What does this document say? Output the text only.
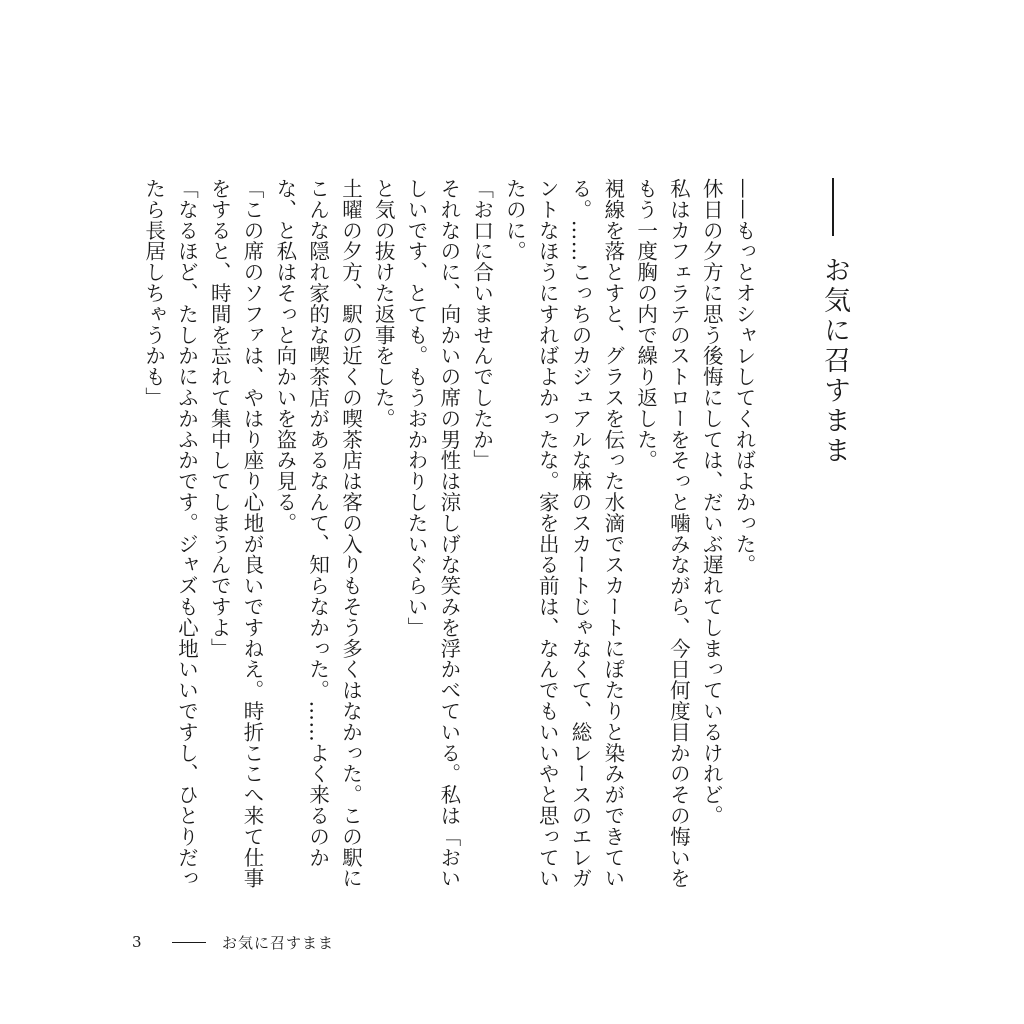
お気に召すまま

——もっとオシャレしてくればよかった。

休日の夕方に思う後悔にしては、だいぶ遅れてしまっているけれど。

私はカフェラテのストローをそっと噛みながら、今日何度目かのその悔いをもう一度胸の内で繰り返した。

視線を落とすと、グラスを伝った水滴でスカートにぽたりと染みができている。……こっちのカジュアルな麻のスカートじゃなくて、総レースのエレガントなほうにすればよかったな。家を出る前は、なんでもいいやと思っていたのに。

「お口に合いませんでしたか」

それなのに、向かいの席の男性は涼しげな笑みを浮かべている。私は「おいしいです、とても。もうおかわりしたいぐらい」

と気の抜けた返事をした。

土曜の夕方、駅の近くの喫茶店は客の入りもそう多くはなかった。この駅にこんな隠れ家的な喫茶店があるなんて、知らなかった。……よく来るのかな、と私はそっと向かいを盗み見る。

「この席のソファは、やはり座り心地が良いですねえ。時折ここへ来て仕事をすると、時間を忘れて集中してしまうんですよ」

「なるほど、たしかにふかふかです。ジャズも心地いいですし、ひとりだったら長居しちゃうかも」

3	お気に召すまま
